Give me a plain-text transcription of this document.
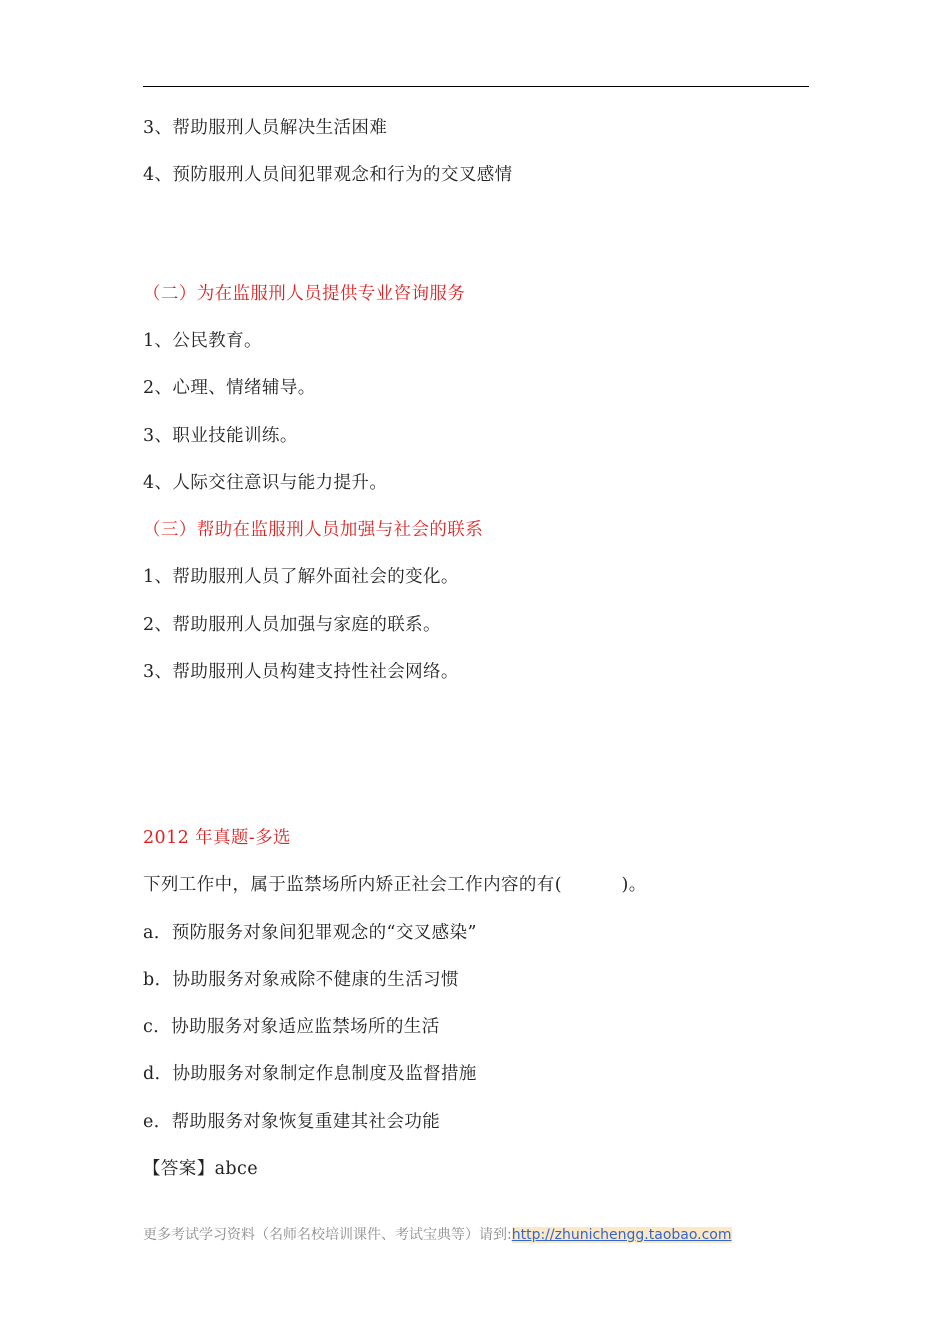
3、帮助服刑人员解决生活困难
4、预防服刑人员间犯罪观念和行为的交叉感情
（二）为在监服刑人员提供专业咨询服务
1、公民教育。
2、心理、情绪辅导。
3、职业技能训练。
4、人际交往意识与能力提升。
（三）帮助在监服刑人员加强与社会的联系
1、帮助服刑人员了解外面社会的变化。
2、帮助服刑人员加强与家庭的联系。
3、帮助服刑人员构建支持性社会网络。
2012 年真题-多选
下列工作中，属于监禁场所内矫正社会工作内容的有(          )。
a．预防服务对象间犯罪观念的“交叉感染”
b．协助服务对象戒除不健康的生活习惯
c．协助服务对象适应监禁场所的生活
d．协助服务对象制定作息制度及监督措施
e．帮助服务对象恢复重建其社会功能
【答案】abce
更多考试学习资料（名师名校培训课件、考试宝典等）请到:http://zhunichengg.taobao.com
